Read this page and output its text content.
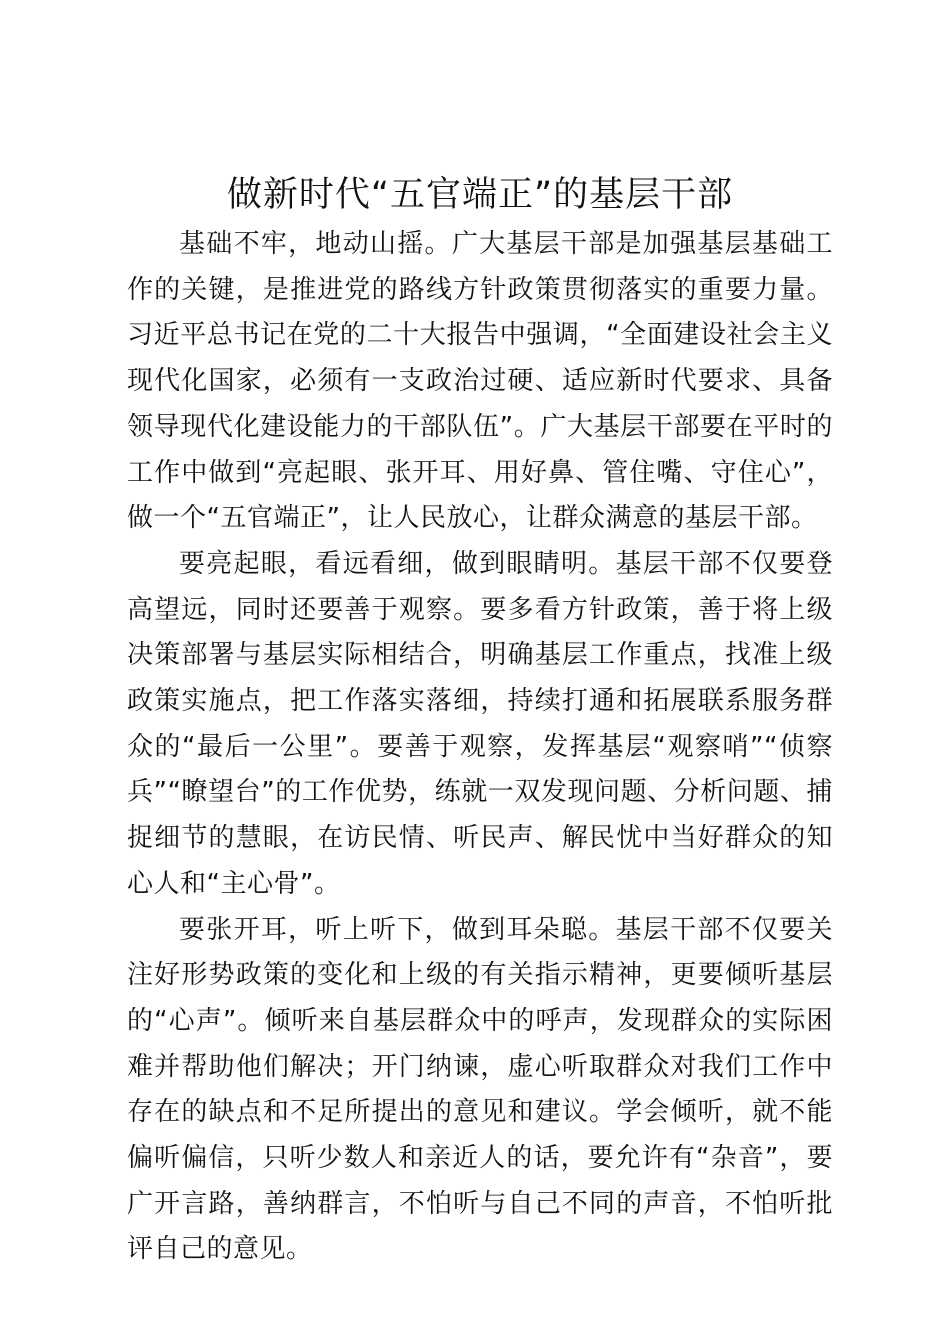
做新时代“五官端正”的基层干部

基础不牢，地动山摇。广大基层干部是加强基层基础工作的关键，是推进党的路线方针政策贯彻落实的重要力量。习近平总书记在党的二十大报告中强调，“全面建设社会主义现代化国家，必须有一支政治过硬、适应新时代要求、具备领导现代化建设能力的干部队伍”。广大基层干部要在平时的工作中做到“亮起眼、张开耳、用好鼻、管住嘴、守住心”，做一个“五官端正”，让人民放心，让群众满意的基层干部。

要亮起眼，看远看细，做到眼睛明。基层干部不仅要登高望远，同时还要善于观察。要多看方针政策，善于将上级决策部署与基层实际相结合，明确基层工作重点，找准上级政策实施点，把工作落实落细，持续打通和拓展联系服务群众的“最后一公里”。要善于观察，发挥基层“观察哨”“侦察兵”“瞭望台”的工作优势，练就一双发现问题、分析问题、捕捉细节的慧眼，在访民情、听民声、解民忧中当好群众的知心人和“主心骨”。

要张开耳，听上听下，做到耳朵聪。基层干部不仅要关注好形势政策的变化和上级的有关指示精神，更要倾听基层的“心声”。倾听来自基层群众中的呼声，发现群众的实际困难并帮助他们解决；开门纳谏，虚心听取群众对我们工作中存在的缺点和不足所提出的意见和建议。学会倾听，就不能偏听偏信，只听少数人和亲近人的话，要允许有“杂音”，要广开言路，善纳群言，不怕听与自己不同的声音，不怕听批评自己的意见。
